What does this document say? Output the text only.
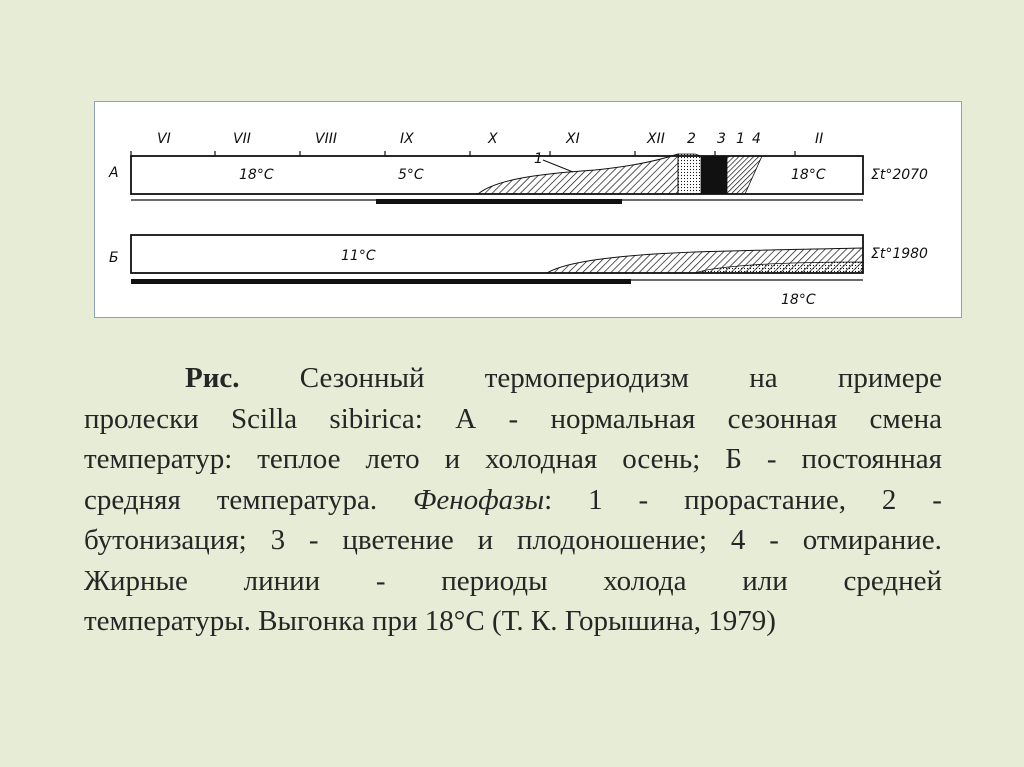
VI	VII	VIII	IX	X	XI	XII 2 3 1 4	II
А
1
18°C	5°C	18°C	Σt°2070
Б	11°C	Σt°1980
18°C
Рис. Сезонный термопериодизм на примере
пролески Scilla sibirica: А - нормальная сезонная смена
температур: теплое лето и холодная осень; Б - постоянная
средняя температура. Фенофазы: 1 - прорастание, 2 -
бутонизация; 3 - цветение и плодоношение; 4 - отмирание.
Жирные линии - периоды холода или средней
температуры. Выгонка при 18°С (Т. К. Горышина, 1979)
